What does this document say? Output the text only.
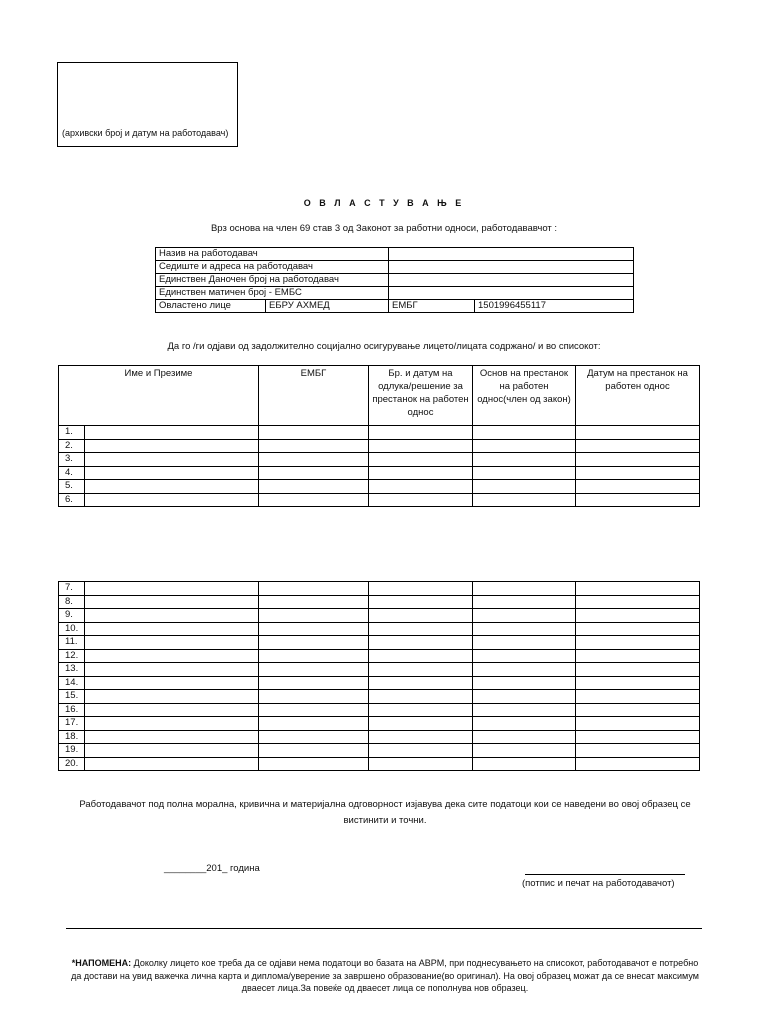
(архивски број и датум на работодавач)
О В Л А С Т У В А Њ Е
Врз основа на член 69 став 3 од Законот за работни односи, работодававчот :
Назив на работодавач			
Седиште и адреса на работодавач			
Единствен Даночен број на работодавач			
Единствен матичен број - ЕМБС			
Овластено лице	ЕБРУ АХМЕД	ЕМБГ	1501996455117
Да го /ги одјави од задолжително социјално осигурување лицето/лицата содржано/ и во списокот:
Име и Презиме		ЕМБГ	Бр. и датум на одлука/решение за престанок на работен однос	Основ на престанок на работен однос(член од закон)	Датум на престанок на работен однос
1.					
2.					
3.					
4.					
5.					
6.					
7.					
8.					
9.					
10.					
11.					
12.					
13.					
14.					
15.					
16.					
17.					
18.					
19.					
20.					
Работодавачот под полна морална, кривична и материјална одговорност изјавува дека сите податоци кои се наведени во овој образец се вистинити и точни.
________201_ година
(потпис и печат на работодавачот)
*НАПОМЕНА: Доколку лицето кое треба да се одјави нема податоци во базата на АВРМ, при поднесувањето на списокот, работодавачот е потребно да достави на увид важечка лична карта и диплома/уверение за завршено образование(во оригинал). На овој образец можат да се внесат максимум дваесет лица.За повеќе од дваесет лица се пополнува нов образец.
